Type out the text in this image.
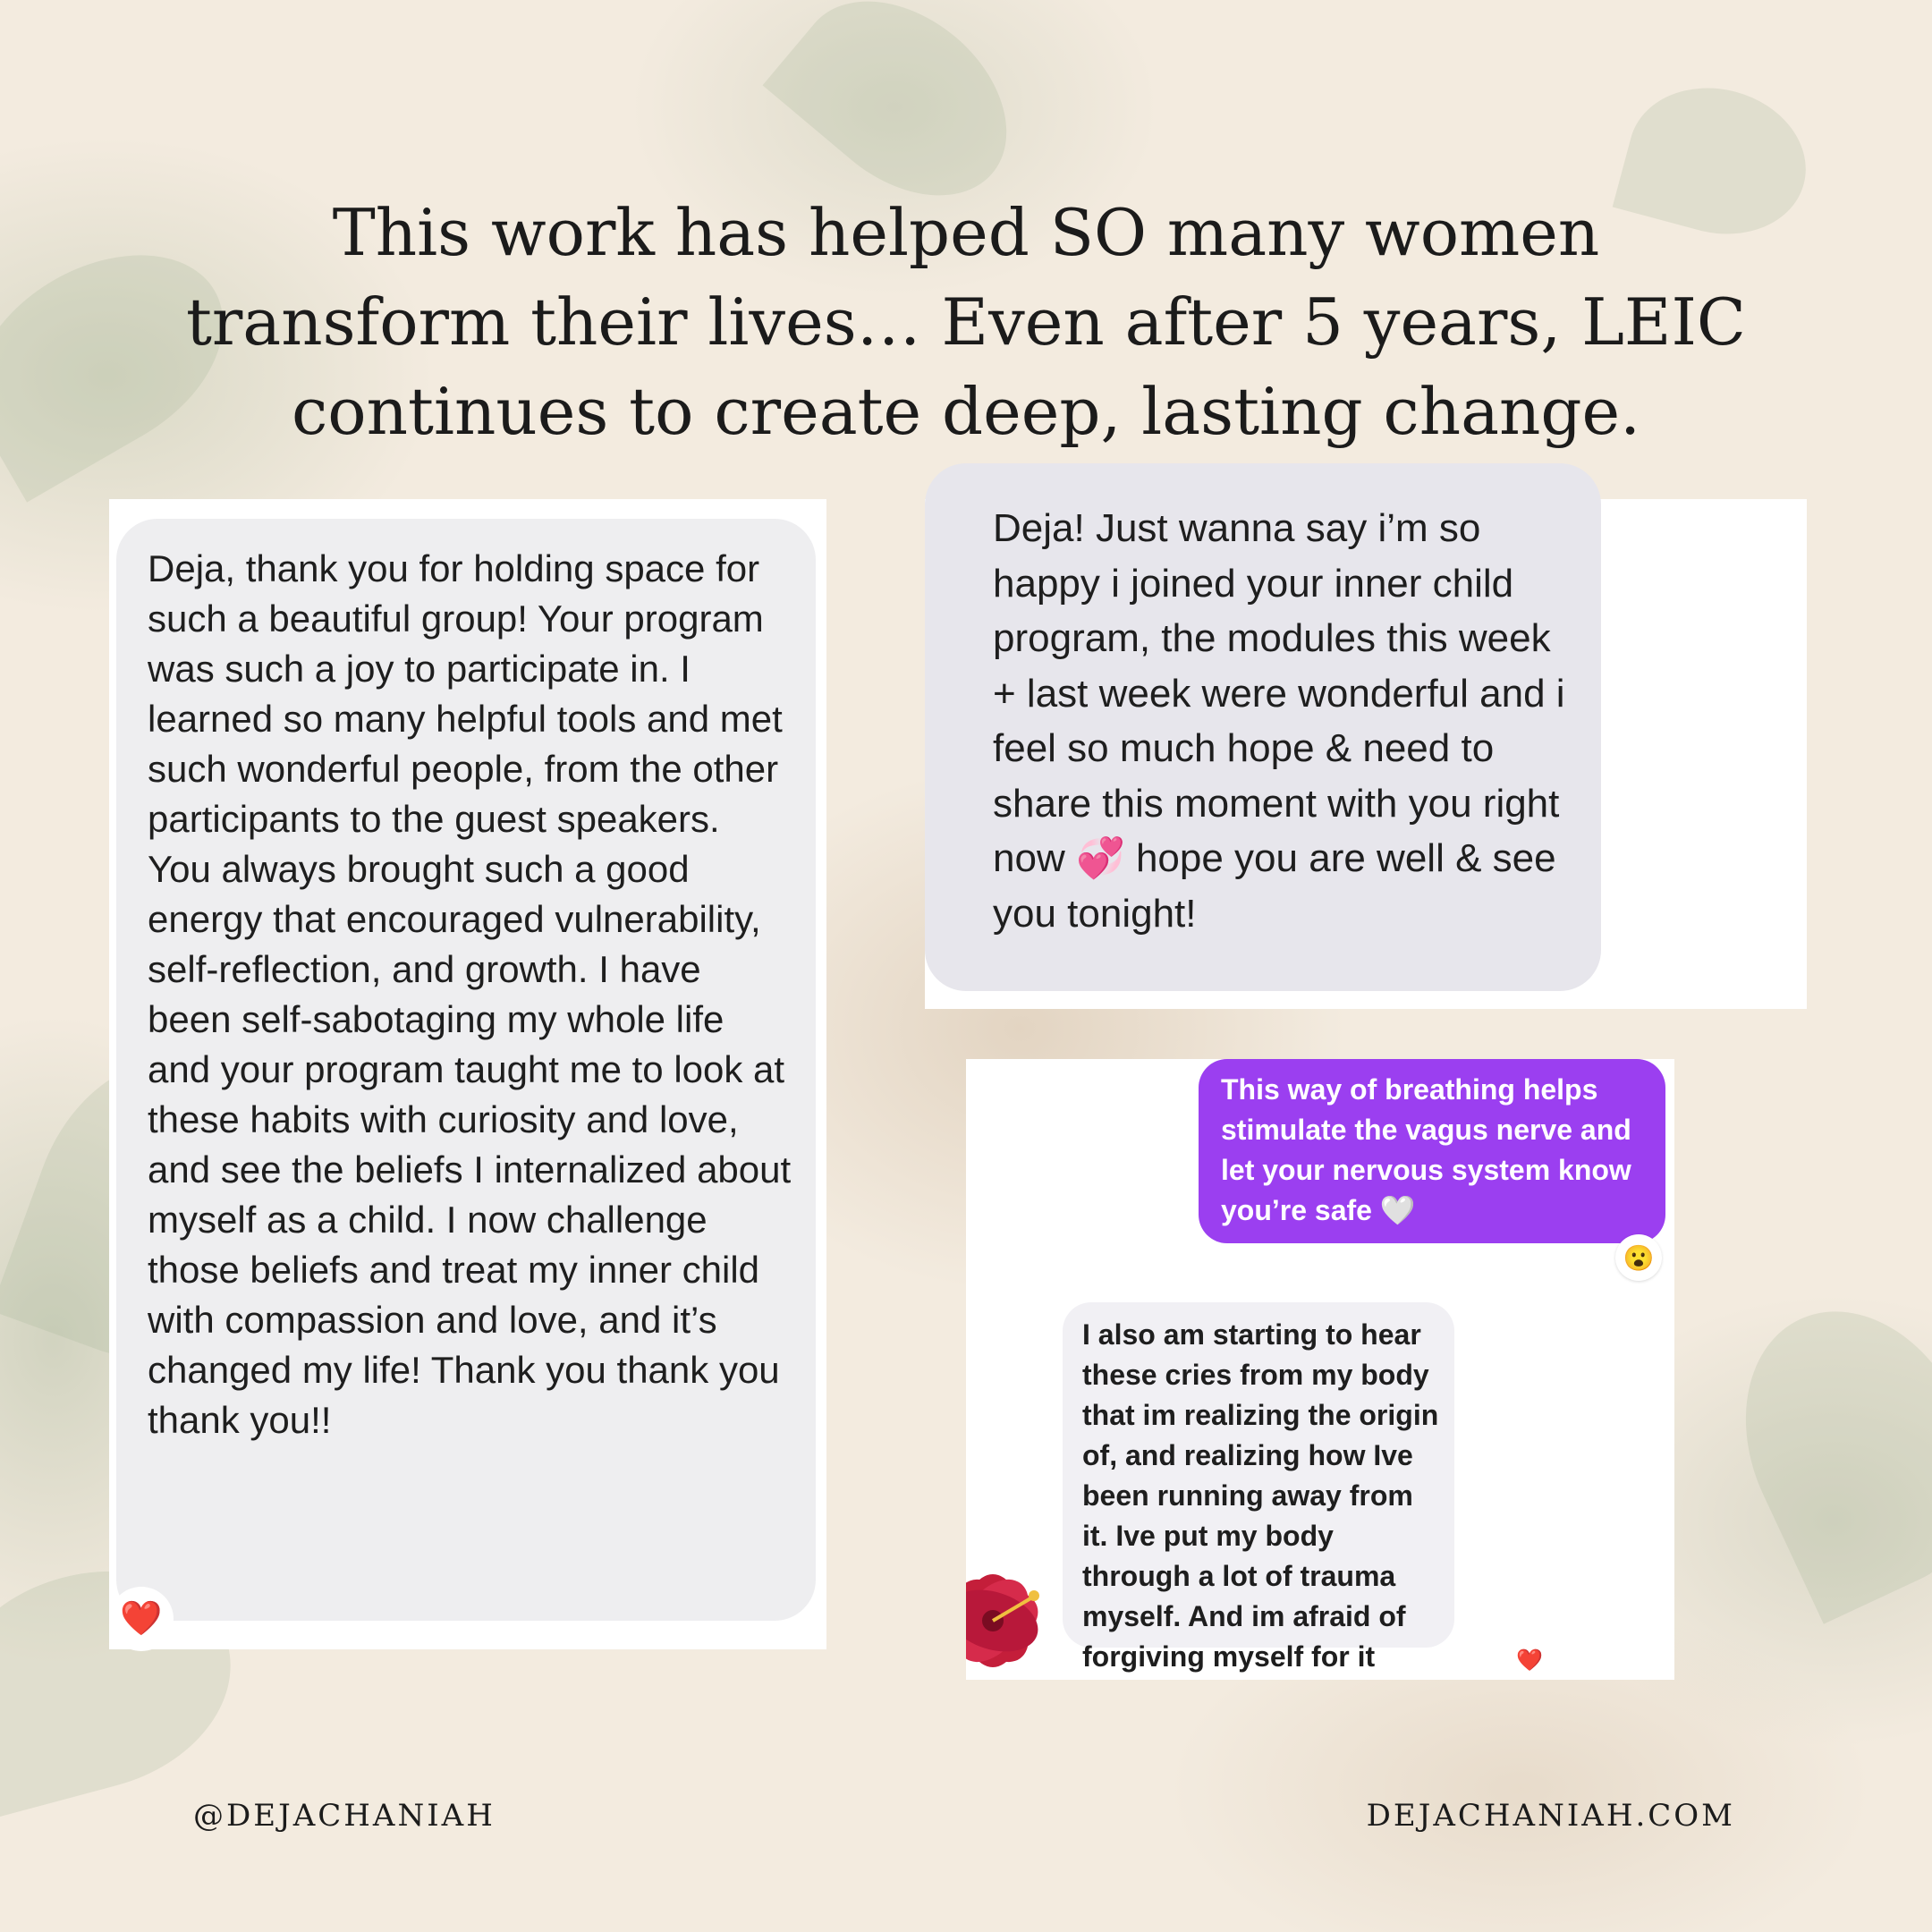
This work has helped SO many women transform their lives… Even after 5 years, LEIC continues to create deep, lasting change.

Deja, thank you for holding space for such a beautiful group! Your program was such a joy to participate in. I learned so many helpful tools and met such wonderful people, from the other participants to the guest speakers. You always brought such a good energy that encouraged vulnerability, self-reflection, and growth. I have been self-sabotaging my whole life and your program taught me to look at these habits with curiosity and love, and see the beliefs I internalized about myself as a child. I now challenge those beliefs and treat my inner child with compassion and love, and it’s changed my life! Thank you thank you thank you!!

❤️

Deja! Just wanna say i’m so happy i joined your inner child program, the modules this week + last week were wonderful and i feel so much hope & need to share this moment with you right now 💞 hope you are well & see you tonight!

This way of breathing helps stimulate the vagus nerve and let your nervous system know you’re safe 🤍

😮

I also am starting to hear these cries from my body that im realizing the origin of, and realizing how Ive been running away from it. Ive put my body through a lot of trauma myself. And im afraid of forgiving myself for it	❤️
@DEJACHANIAH	DEJACHANIAH.COM
